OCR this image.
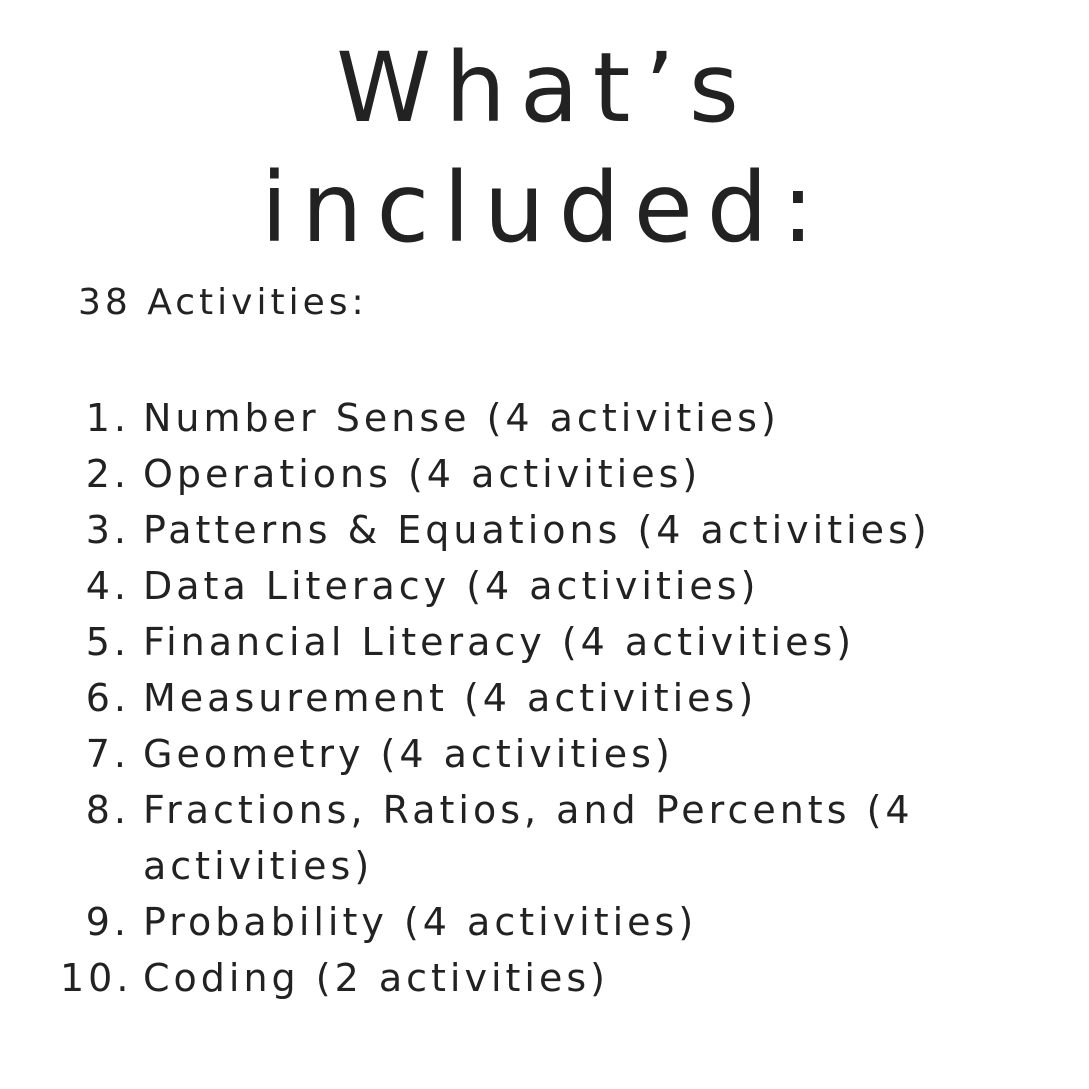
What’s
included:
38 Activities:
1. Number Sense (4 activities)
2. Operations (4 activities)
3. Patterns & Equations (4 activities)
4. Data Literacy (4 activities)
5. Financial Literacy (4 activities)
6. Measurement (4 activities)
7. Geometry (4 activities)
8. Fractions, Ratios, and Percents (4 activities)
9. Probability (4 activities)
10. Coding (2 activities)
